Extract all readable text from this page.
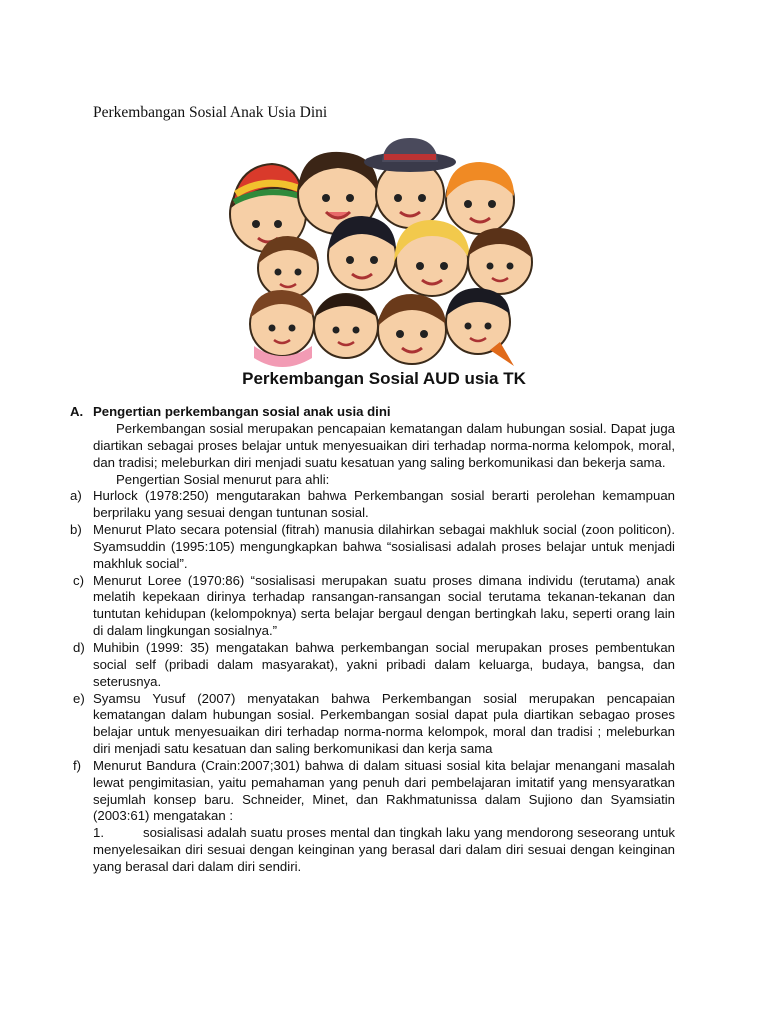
Perkembangan Sosial Anak Usia Dini

Perkembangan Sosial AUD usia TK

A. Pengertian perkembangan sosial anak usia dini
Perkembangan sosial merupakan pencapaian kematangan dalam hubungan sosial. Dapat juga diartikan sebagai proses belajar untuk menyesuaikan diri terhadap norma-norma kelompok, moral, dan tradisi; meleburkan diri menjadi suatu kesatuan yang saling berkomunikasi dan bekerja sama.
Pengertian Sosial menurut para ahli:
a) Hurlock (1978:250) mengutarakan bahwa Perkembangan sosial berarti perolehan kemampuan berprilaku yang sesuai dengan tuntunan sosial.
b) Menurut Plato secara potensial (fitrah) manusia dilahirkan sebagai makhluk social (zoon politicon). Syamsuddin (1995:105) mengungkapkan bahwa “sosialisasi adalah proses belajar untuk menjadi makhluk social”.
c) Menurut Loree (1970:86) “sosialisasi merupakan suatu proses dimana individu (terutama) anak melatih kepekaan dirinya terhadap ransangan-ransangan social terutama tekanan-tekanan dan tuntutan kehidupan (kelompoknya) serta belajar bergaul dengan bertingkah laku, seperti orang lain di dalam lingkungan sosialnya.”
d) Muhibin (1999: 35) mengatakan bahwa perkembangan social merupakan proses pembentukan social self (pribadi dalam masyarakat), yakni pribadi dalam keluarga, budaya, bangsa, dan seterusnya.
e) Syamsu Yusuf (2007) menyatakan bahwa Perkembangan sosial merupakan pencapaian kematangan dalam hubungan sosial. Perkembangan sosial dapat pula diartikan sebagao proses belajar untuk menyesuaikan diri terhadap norma-norma kelompok, moral dan tradisi ; meleburkan diri menjadi satu kesatuan dan saling berkomunikasi dan kerja sama
f) Menurut Bandura (Crain:2007;301) bahwa di dalam situasi sosial kita belajar menangani masalah lewat pengimitasian, yaitu pemahaman yang penuh dari pembelajaran imitatif yang mensyaratkan sejumlah konsep baru. Schneider, Minet, dan Rakhmatunissa dalam Sujiono dan Syamsiatin (2003:61) mengatakan :
1.	sosialisasi adalah suatu proses mental dan tingkah laku yang mendorong seseorang untuk menyelesaikan diri sesuai dengan keinginan yang berasal dari dalam diri sesuai dengan keinginan yang berasal dari dalam diri sendiri.
